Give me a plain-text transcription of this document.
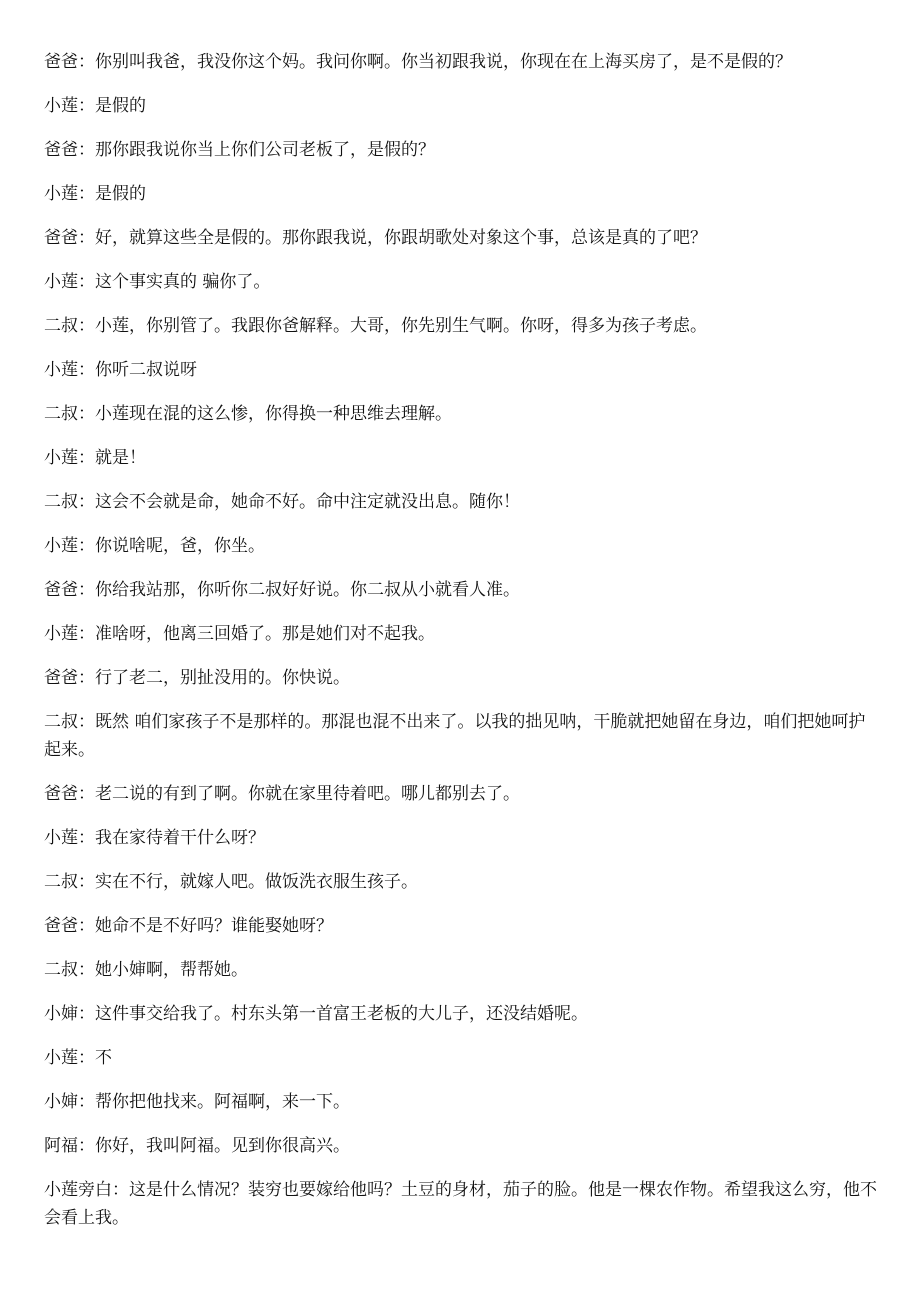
爸爸：你别叫我爸，我没你这个妈。我问你啊。你当初跟我说，你现在在上海买房了，是不是假的？

小莲：是假的

爸爸：那你跟我说你当上你们公司老板了，是假的？

小莲：是假的

爸爸：好，就算这些全是假的。那你跟我说，你跟胡歌处对象这个事，总该是真的了吧？

小莲：这个事实真的 骗你了。

二叔：小莲，你别管了。我跟你爸解释。大哥，你先别生气啊。你呀，得多为孩子考虑。

小莲：你听二叔说呀

二叔：小莲现在混的这么惨，你得换一种思维去理解。

小莲：就是！

二叔：这会不会就是命，她命不好。命中注定就没出息。随你！

小莲：你说啥呢，爸，你坐。

爸爸：你给我站那，你听你二叔好好说。你二叔从小就看人准。

小莲：准啥呀，他离三回婚了。那是她们对不起我。

爸爸：行了老二，别扯没用的。你快说。

二叔：既然 咱们家孩子不是那样的。那混也混不出来了。以我的拙见呐，干脆就把她留在身边，咱们把她呵护起来。

爸爸：老二说的有到了啊。你就在家里待着吧。哪儿都别去了。

小莲：我在家待着干什么呀？

二叔：实在不行，就嫁人吧。做饭洗衣服生孩子。

爸爸：她命不是不好吗？谁能娶她呀？

二叔：她小婶啊，帮帮她。

小婶：这件事交给我了。村东头第一首富王老板的大儿子，还没结婚呢。

小莲：不

小婶：帮你把他找来。阿福啊，来一下。

阿福：你好，我叫阿福。见到你很高兴。

小莲旁白：这是什么情况？装穷也要嫁给他吗？土豆的身材，茄子的脸。他是一棵农作物。希望我这么穷，他不会看上我。
